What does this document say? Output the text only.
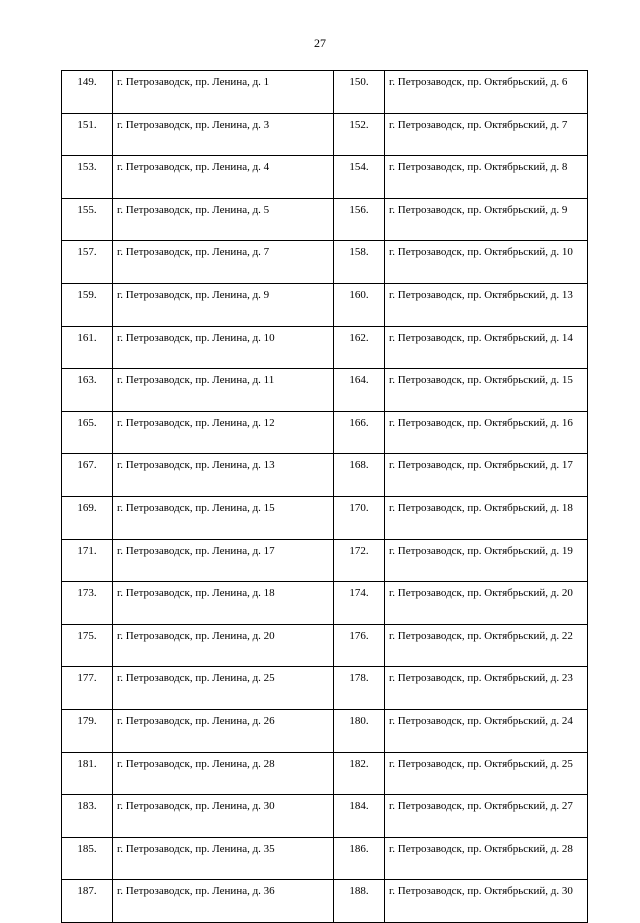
27
149.	г. Петрозаводск, пр. Ленина, д. 1	150.	г. Петрозаводск, пр. Октябрьский, д. 6
151.	г. Петрозаводск, пр. Ленина, д. 3	152.	г. Петрозаводск, пр. Октябрьский, д. 7
153.	г. Петрозаводск, пр. Ленина, д. 4	154.	г. Петрозаводск, пр. Октябрьский, д. 8
155.	г. Петрозаводск, пр. Ленина, д. 5	156.	г. Петрозаводск, пр. Октябрьский, д. 9
157.	г. Петрозаводск, пр. Ленина, д. 7	158.	г. Петрозаводск, пр. Октябрьский, д. 10
159.	г. Петрозаводск, пр. Ленина, д. 9	160.	г. Петрозаводск, пр. Октябрьский, д. 13
161.	г. Петрозаводск, пр. Ленина, д. 10	162.	г. Петрозаводск, пр. Октябрьский, д. 14
163.	г. Петрозаводск, пр. Ленина, д. 11	164.	г. Петрозаводск, пр. Октябрьский, д. 15
165.	г. Петрозаводск, пр. Ленина, д. 12	166.	г. Петрозаводск, пр. Октябрьский, д. 16
167.	г. Петрозаводск, пр. Ленина, д. 13	168.	г. Петрозаводск, пр. Октябрьский, д. 17
169.	г. Петрозаводск, пр. Ленина, д. 15	170.	г. Петрозаводск, пр. Октябрьский, д. 18
171.	г. Петрозаводск, пр. Ленина, д. 17	172.	г. Петрозаводск, пр. Октябрьский, д. 19
173.	г. Петрозаводск, пр. Ленина, д. 18	174.	г. Петрозаводск, пр. Октябрьский, д. 20
175.	г. Петрозаводск, пр. Ленина, д. 20	176.	г. Петрозаводск, пр. Октябрьский, д. 22
177.	г. Петрозаводск, пр. Ленина, д. 25	178.	г. Петрозаводск, пр. Октябрьский, д. 23
179.	г. Петрозаводск, пр. Ленина, д. 26	180.	г. Петрозаводск, пр. Октябрьский, д. 24
181.	г. Петрозаводск, пр. Ленина, д. 28	182.	г. Петрозаводск, пр. Октябрьский, д. 25
183.	г. Петрозаводск, пр. Ленина, д. 30	184.	г. Петрозаводск, пр. Октябрьский, д. 27
185.	г. Петрозаводск, пр. Ленина, д. 35	186.	г. Петрозаводск, пр. Октябрьский, д. 28
187.	г. Петрозаводск, пр. Ленина, д. 36	188.	г. Петрозаводск, пр. Октябрьский, д. 30
